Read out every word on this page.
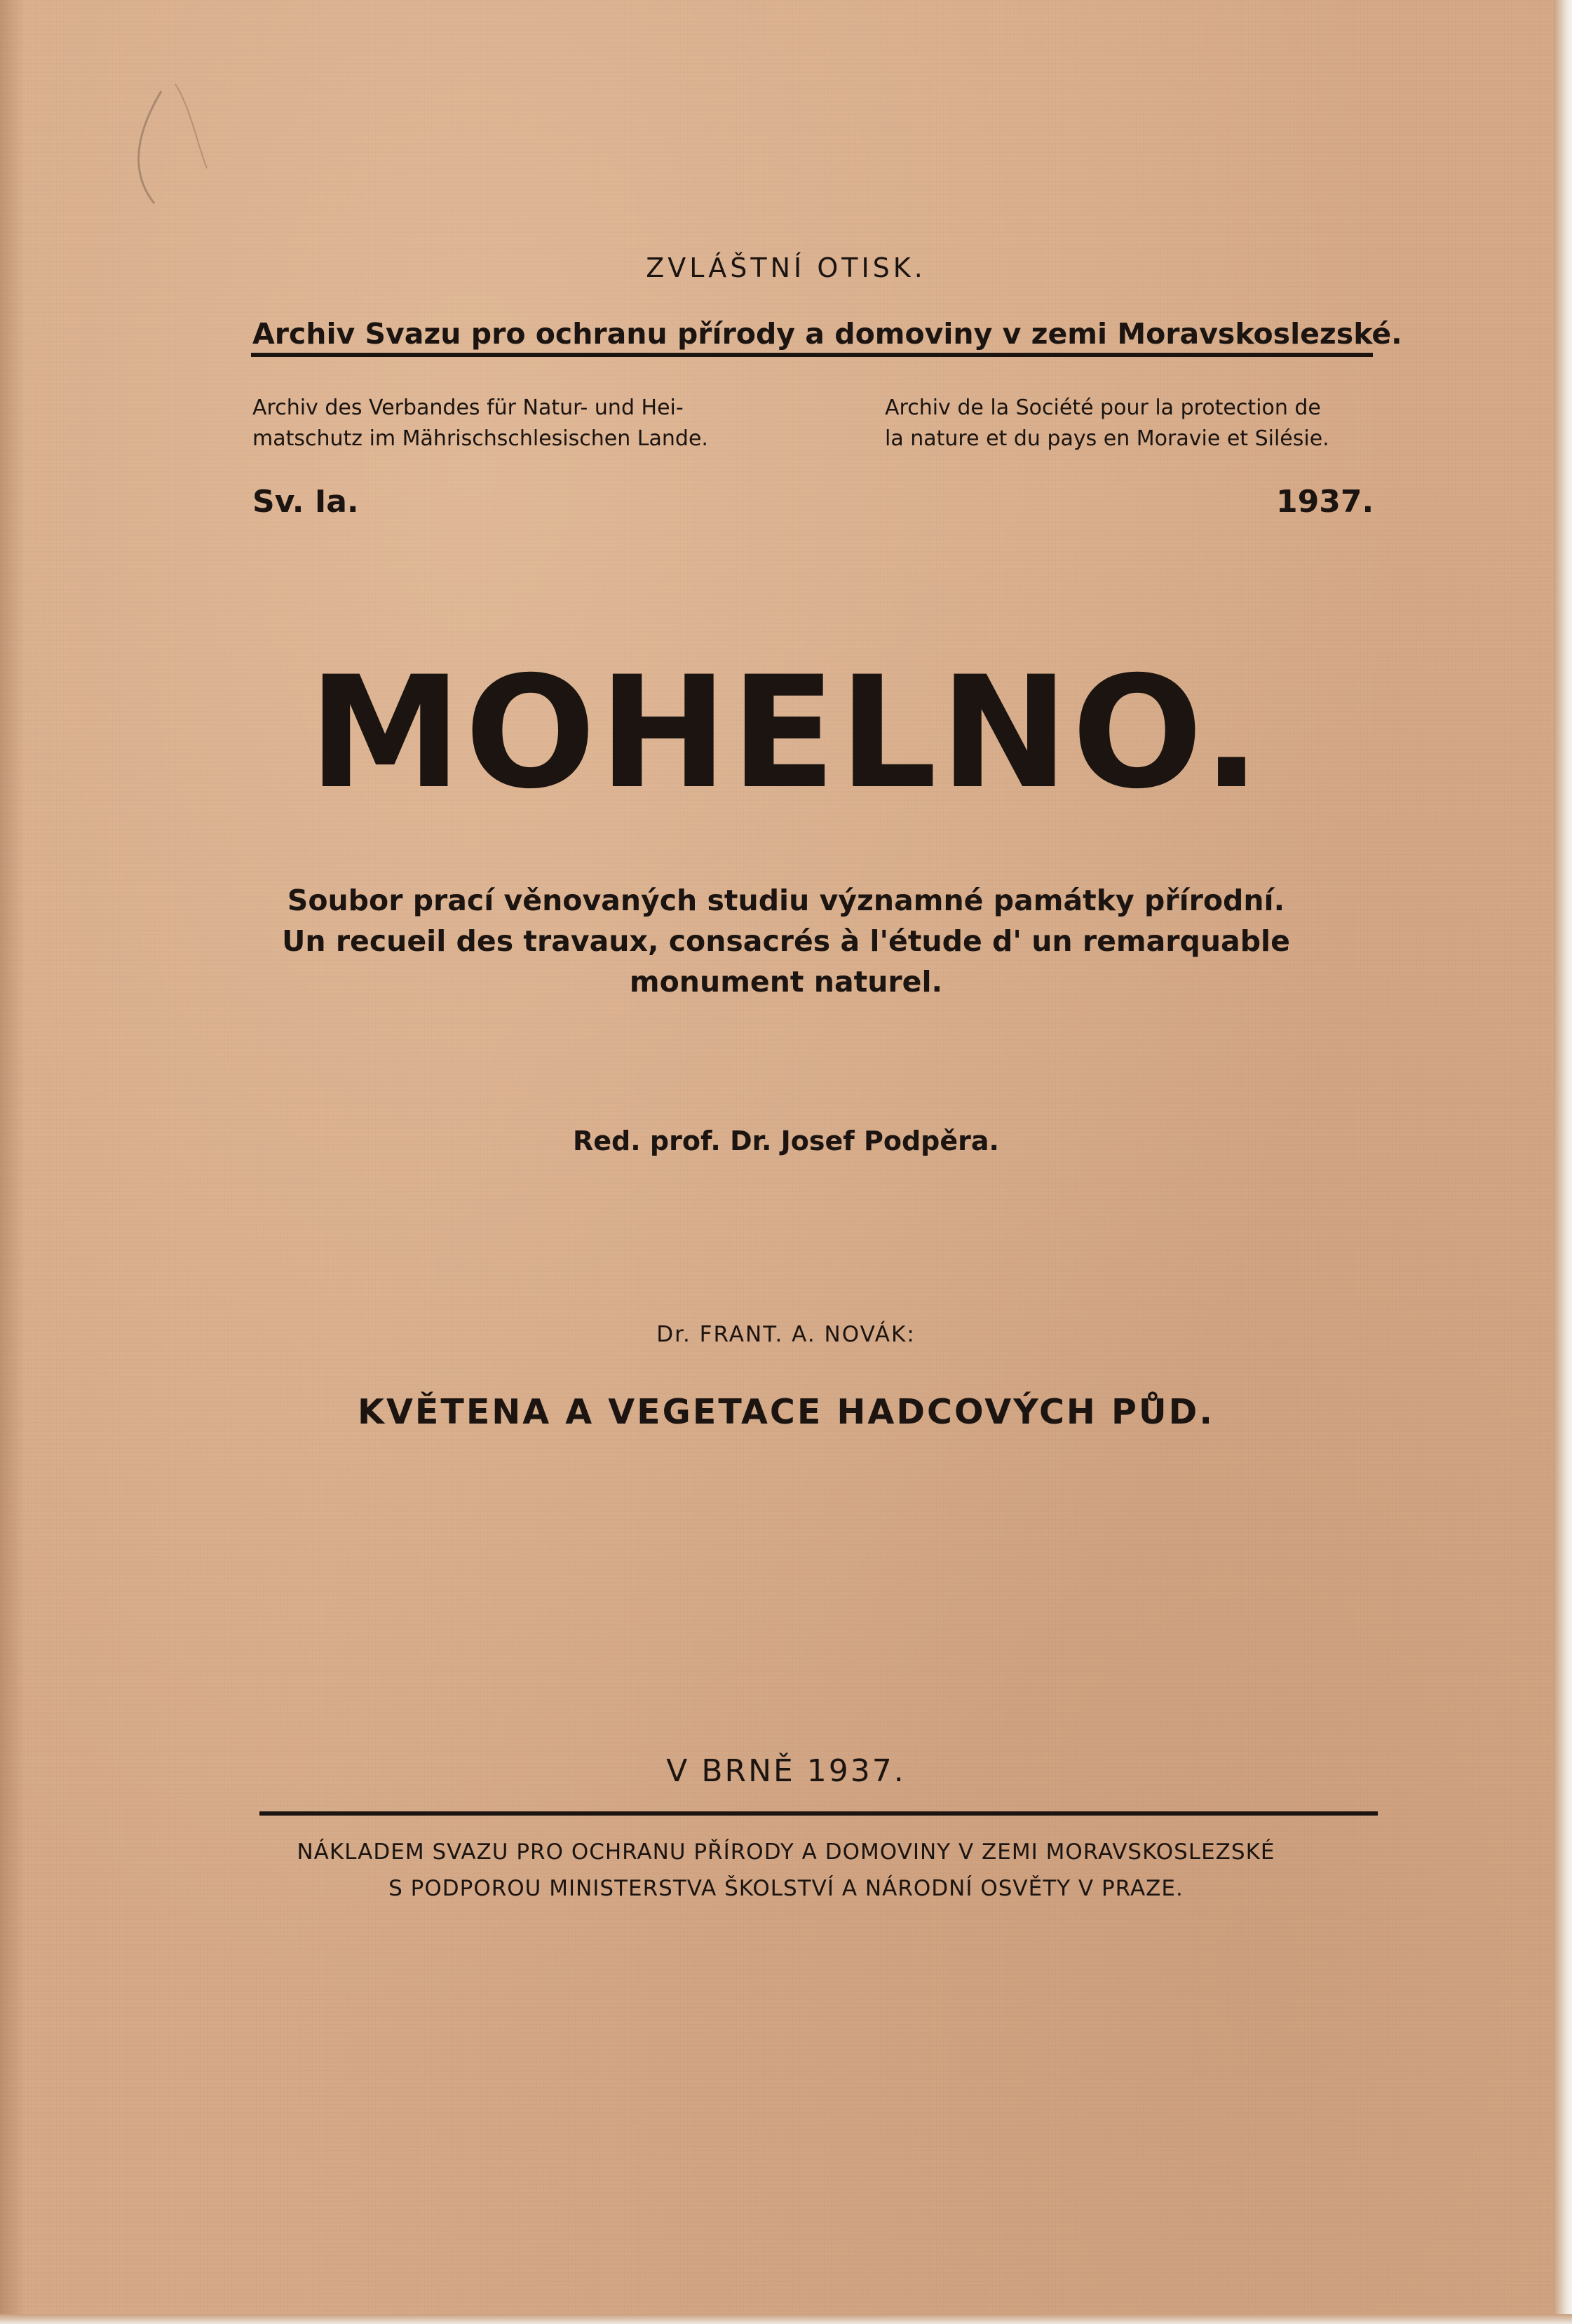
ZVLÁŠTNÍ OTISK.
Archiv Svazu pro ochranu přírody a domoviny v zemi Moravskoslezské.
Archiv des Verbandes für Natur- und Hei-
matschutz im Mährischschlesischen Lande.
Archiv de la Société pour la protection de
la nature et du pays en Moravie et Silésie.
Sv. Ia.	1937.
MOHELNO.
Soubor prací věnovaných studiu významné památky přírodní.
Un recueil des travaux, consacrés à l'étude d' un remarquable
monument naturel.
Red. prof. Dr. Josef Podpěra.
Dr. FRANT. A. NOVÁK:
KVĚTENA A VEGETACE HADCOVÝCH PŮD.
V BRNĚ 1937.
NÁKLADEM SVAZU PRO OCHRANU PŘÍRODY A DOMOVINY V ZEMI MORAVSKOSLEZSKÉ
S PODPOROU MINISTERSTVA ŠKOLSTVÍ A NÁRODNÍ OSVĚTY V PRAZE.
